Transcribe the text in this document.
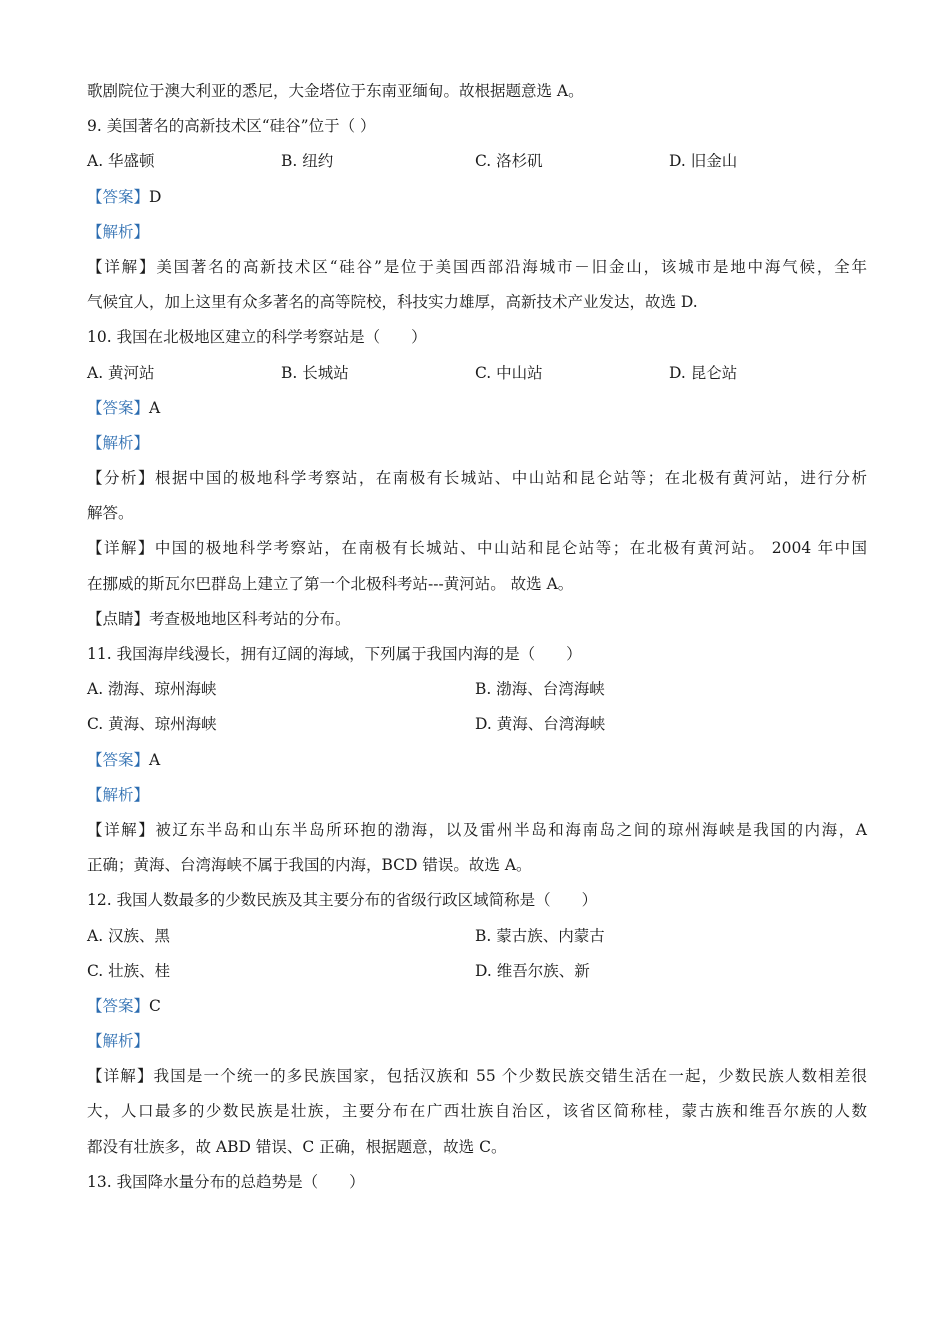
歌剧院位于澳大利亚的悉尼，大金塔位于东南亚缅甸。故根据题意选 A。
9. 美国著名的高新技术区“硅谷”位于（ ）
A. 华盛顿	B. 纽约	C. 洛杉矶	D. 旧金山
【答案】D
【解析】
【详解】美国著名的高新技术区“硅谷”是位于美国西部沿海城市－旧金山，该城市是地中海气候，全年
气候宜人，加上这里有众多著名的高等院校，科技实力雄厚，高新技术产业发达，故选 D.
10. 我国在北极地区建立的科学考察站是（　　）
A. 黄河站	B. 长城站	C. 中山站	D. 昆仑站
【答案】A
【解析】
【分析】根据中国的极地科学考察站，在南极有长城站、中山站和昆仑站等；在北极有黄河站，进行分析
解答。
【详解】中国的极地科学考察站，在南极有长城站、中山站和昆仑站等；在北极有黄河站。 2004 年中国
在挪威的斯瓦尔巴群岛上建立了第一个北极科考站---黄河站。 故选 A。
【点睛】考查极地地区科考站的分布。
11. 我国海岸线漫长，拥有辽阔的海域，下列属于我国内海的是（　　）
A. 渤海、琼州海峡	B. 渤海、台湾海峡
C. 黄海、琼州海峡	D. 黄海、台湾海峡
【答案】A
【解析】
【详解】被辽东半岛和山东半岛所环抱的渤海，以及雷州半岛和海南岛之间的琼州海峡是我国的内海，A
正确；黄海、台湾海峡不属于我国的内海，BCD 错误。故选 A。
12. 我国人数最多的少数民族及其主要分布的省级行政区域简称是（　　）
A. 汉族、黑	B. 蒙古族、内蒙古
C. 壮族、桂	D. 维吾尔族、新
【答案】C
【解析】
【详解】我国是一个统一的多民族国家，包括汉族和 55 个少数民族交错生活在一起，少数民族人数相差很
大，人口最多的少数民族是壮族，主要分布在广西壮族自治区，该省区简称桂，蒙古族和维吾尔族的人数
都没有壮族多，故 ABD 错误、C 正确，根据题意，故选 C。
13. 我国降水量分布的总趋势是（　　）
